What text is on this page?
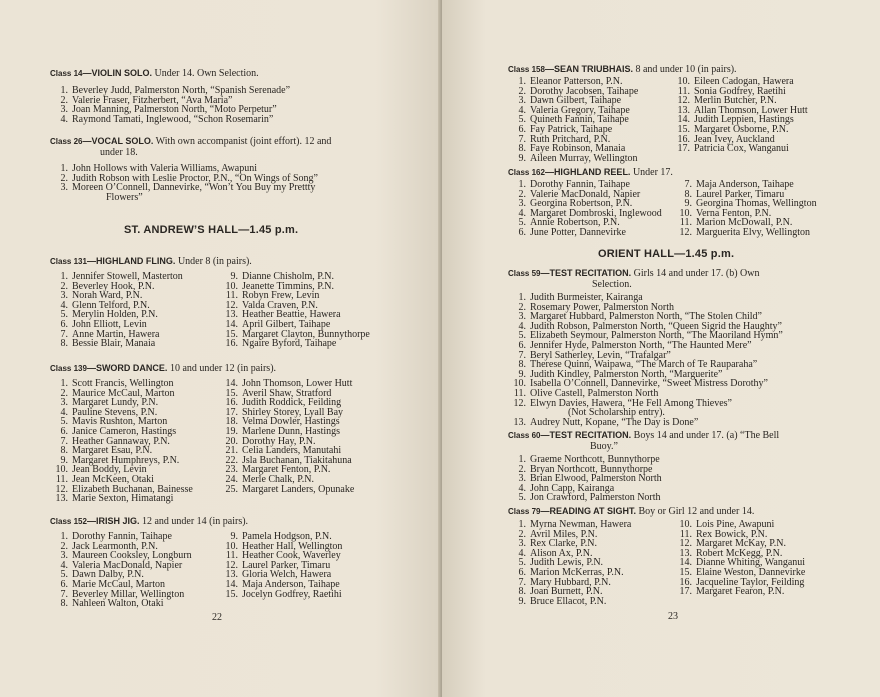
Class 14—VIOLIN SOLO. Under 14. Own Selection.
1. Beverley Judd, Palmerston North, “Spanish Serenade”
2. Valerie Fraser, Fitzherbert, “Ava Maria”
3. Joan Manning, Palmerston North, “Moto Perpetur”
4. Raymond Tamati, Inglewood, “Schon Rosemarin”
Class 26—VOCAL SOLO. With own accompanist (joint effort). 12 and
under 18.
1. John Hollows with Valeria Williams, Awapuni
2. Judith Robson with Leslie Proctor, P.N., “On Wings of Song”
3. Moreen O’Connell, Dannevirke, “Won’t You Buy my Prettty
Flowers”
ST. ANDREW’S HALL—1.45 p.m.
Class 131—HIGHLAND FLING. Under 8 (in pairs).
1. Jennifer Stowell, Masterton
2. Beverley Hook, P.N.
3. Norah Ward, P.N.
4. Glenn Telford, P.N.
5. Merylin Holden, P.N.
6. John Elliott, Levin
7. Anne Martin, Hawera
8. Bessie Blair, Manaia
9. Dianne Chisholm, P.N.
10. Jeanette Timmins, P.N.
11. Robyn Frew, Levin
12. Valda Craven, P.N.
13. Heather Beattie, Hawera
14. April Gilbert, Taihape
15. Margaret Clayton, Bunnythorpe
16. Ngaire Byford, Taihape
Class 139—SWORD DANCE. 10 and under 12 (in pairs).
1. Scott Francis, Wellington
2. Maurice McCaul, Marton
3. Margaret Lundy, P.N.
4. Pauline Stevens, P.N.
5. Mavis Rushton, Marton
6. Janice Cameron, Hastings
7. Heather Gannaway, P.N.
8. Margaret Esau, P.N.
9. Margaret Humphreys, P.N.
10. Jean Boddy, Levin
11. Jean McKeen, Otaki
12. Elizabeth Buchanan, Bainesse
13. Marie Sexton, Himatangi
14. John Thomson, Lower Hutt
15. Averil Shaw, Stratford
16. Judith Roddick, Feilding
17. Shirley Storey, Lyall Bay
18. Velma Dowler, Hastings
19. Marlene Dunn, Hastings
20. Dorothy Hay, P.N.
21. Celia Landers, Manutahi
22. Jsla Buchanan, Tiakitahuna
23. Margaret Fenton, P.N.
24. Merle Chalk, P.N.
25. Margaret Landers, Opunake
Class 152—IRISH JIG. 12 and under 14 (in pairs).
1. Dorothy Fannin, Taihape
2. Jack Learmonth, P.N.
3. Maureen Cooksley, Longburn
4. Valeria MacDonald, Napier
5. Dawn Dalby, P.N.
6. Marie McCaul, Marton
7. Beverley Millar, Wellington
8. Nahleen Walton, Otaki
9. Pamela Hodgson, P.N.
10. Heather Hall, Wellington
11. Heather Cook, Waverley
12. Laurel Parker, Timaru
13. Gloria Welch, Hawera
14. Maja Anderson, Taihape
15. Jocelyn Godfrey, Raetihi
22
Class 158—SEAN TRIUBHAIS. 8 and under 10 (in pairs).
1. Eleanor Patterson, P.N.
2. Dorothy Jacobsen, Taihape
3. Dawn Gilbert, Taihape
4. Valeria Gregory, Taihape
5. Quineth Fannin, Taihape
6. Fay Patrick, Taihape
7. Ruth Pritchard, P.N.
8. Faye Robinson, Manaia
9. Aileen Murray, Wellington
10. Eileen Cadogan, Hawera
11. Sonia Godfrey, Raetihi
12. Merlin Butcher, P.N.
13. Allan Thomson, Lower Hutt
14. Judith Leppien, Hastings
15. Margaret Osborne, P.N.
16. Jean Ivey, Auckland
17. Patricia Cox, Wanganui
Class 162—HIGHLAND REEL. Under 17.
1. Dorothy Fannin, Taihape
2. Valerie MacDonald, Napier
3. Georgina Robertson, P.N.
4. Margaret Dombroski, Inglewood
5. Annie Robertson, P.N.
6. June Potter, Dannevirke
7. Maja Anderson, Taihape
8. Laurel Parker, Timaru
9. Georgina Thomas, Wellington
10. Verna Fenton, P.N.
11. Marion McDowall, P.N.
12. Marguerita Elvy, Wellington
ORIENT HALL—1.45 p.m.
Class 59—TEST RECITATION. Girls 14 and under 17. (b) Own
Selection.
1. Judith Burmeister, Kairanga
2. Rosemary Power, Palmerston North
3. Margaret Hubbard, Palmerston North, “The Stolen Child”
4. Judith Robson, Palmerston North, “Queen Sigrid the Haughty”
5. Elizabeth Seymour, Palmerston North, “The Maoriland Hymn”
6. Jennifer Hyde, Palmerston North, “The Haunted Mere”
7. Beryl Satherley, Levin, “Trafalgar”
8. Therese Quinn, Waipawa, “The March of Te Rauparaha”
9. Judith Kindley, Palmerston North, “Marguerite”
10. Isabella O’Connell, Dannevirke, “Sweet Mistress Dorothy”
11. Olive Castell, Palmerston North
12. Elwyn Davies, Hawera, “He Fell Among Thieves”
(Not Scholarship entry).
13. Audrey Nutt, Kopane, “The Day is Done”
Class 60—TEST RECITATION. Boys 14 and under 17. (a) “The Bell
Buoy.”
1. Graeme Northcott, Bunnythorpe
2. Bryan Northcott, Bunnythorpe
3. Brian Elwood, Palmerston North
4. John Capp, Kairanga
5. Jon Crawford, Palmerston North
Class 79—READING AT SIGHT. Boy or Girl 12 and under 14.
1. Myrna Newman, Hawera
2. Avril Miles, P.N.
3. Rex Clarke, P.N.
4. Alison Ax, P.N.
5. Judith Lewis, P.N.
6. Marion McKerras, P.N.
7. Mary Hubbard, P.N.
8. Joan Burnett, P.N.
9. Bruce Ellacot, P.N.
10. Lois Pine, Awapuni
11. Rex Bowick, P.N.
12. Margaret McKay, P.N.
13. Robert McKegg, P.N.
14. Dianne Whiting, Wanganui
15. Elaine Weston, Dannevirke
16. Jacqueline Taylor, Feilding
17. Margaret Fearon, P.N.
23
